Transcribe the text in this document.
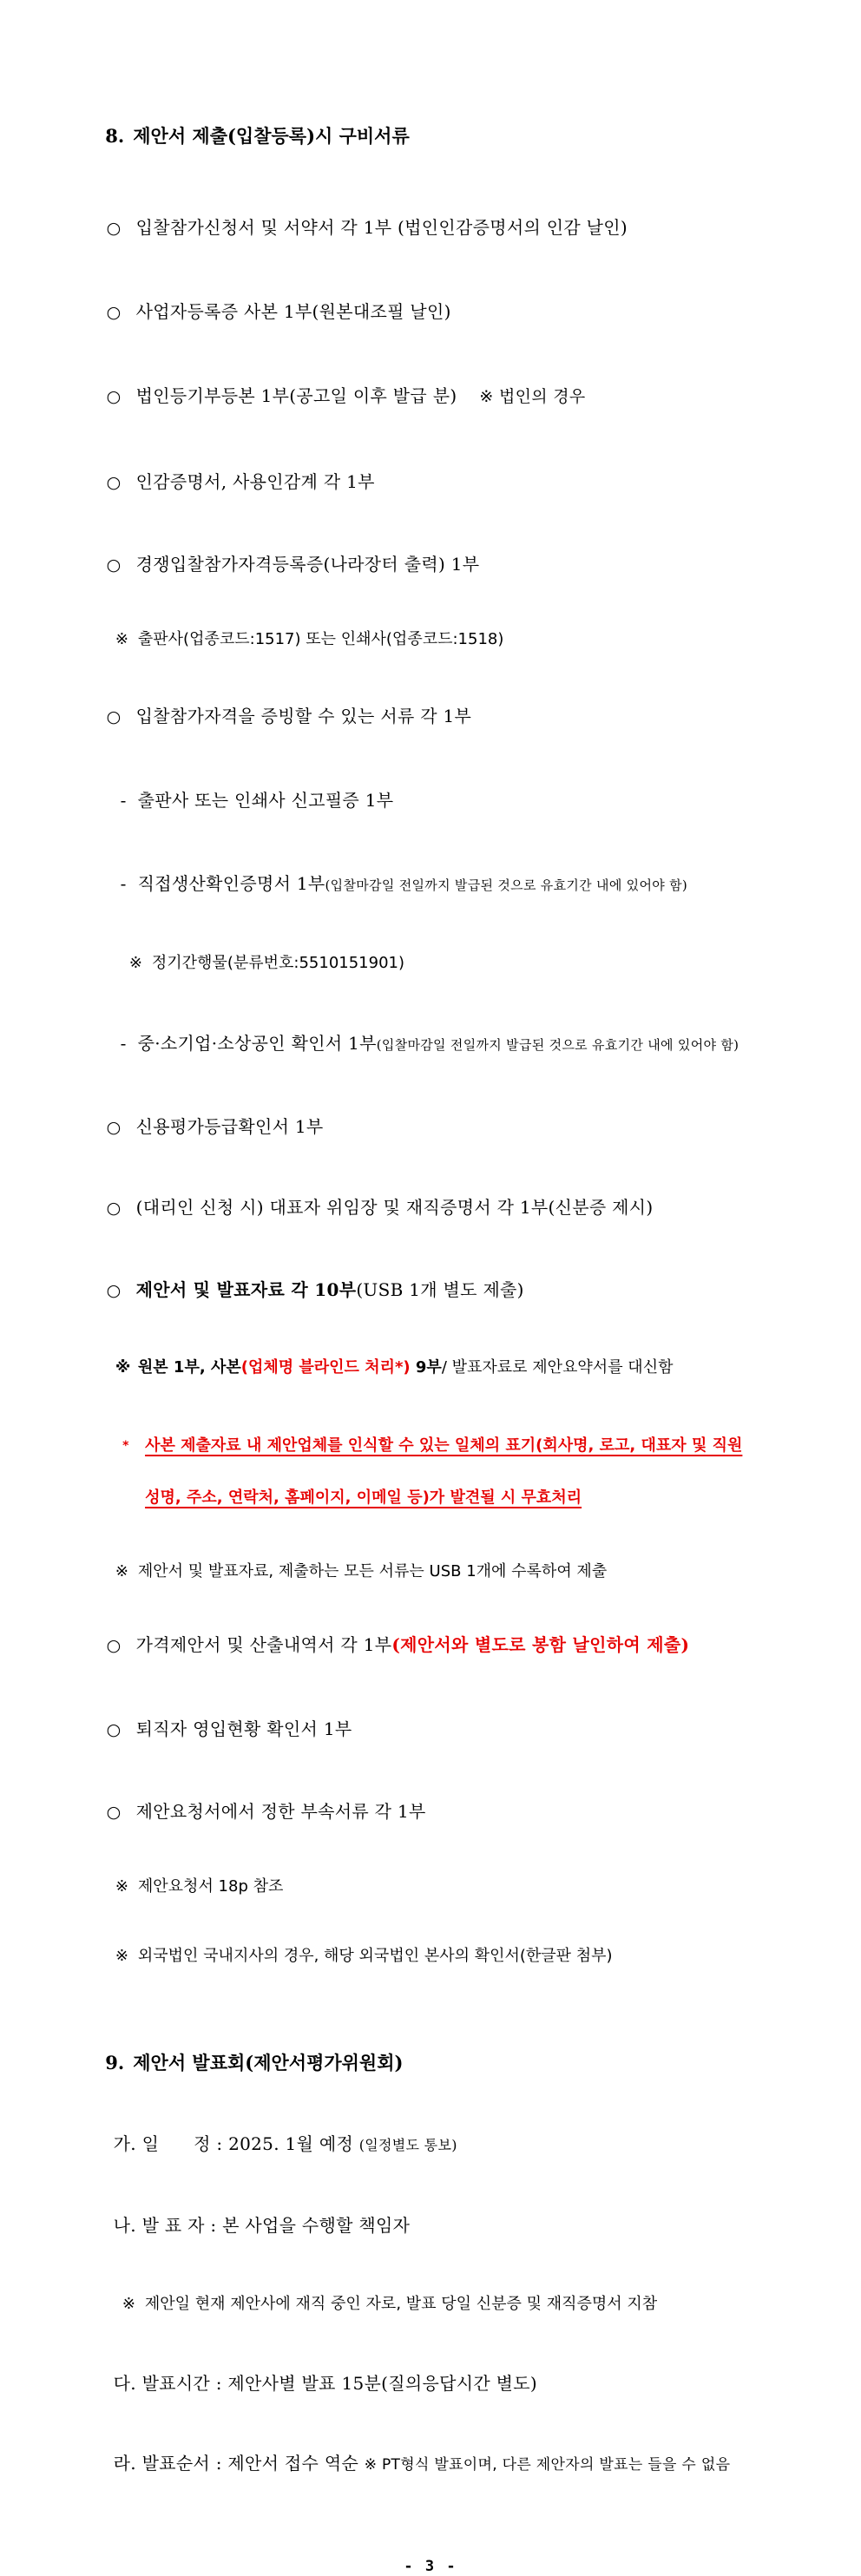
8. 제안서 제출(입찰등록)시 구비서류

○ 입찰참가신청서 및 서약서 각 1부 (법인인감증명서의 인감 날인)

○ 사업자등록증 사본 1부(원본대조필 날인)

○ 법인등기부등본 1부(공고일 이후 발급 분) ※ 법인의 경우

○ 인감증명서, 사용인감계 각 1부

○ 경쟁입찰참가자격등록증(나라장터 출력) 1부

※ 출판사(업종코드:1517) 또는 인쇄사(업종코드:1518)

○ 입찰참가자격을 증빙할 수 있는 서류 각 1부

- 출판사 또는 인쇄사 신고필증 1부

- 직접생산확인증명서 1부(입찰마감일 전일까지 발급된 것으로 유효기간 내에 있어야 함)

※ 정기간행물(분류번호:5510151901)

- 중·소기업·소상공인 확인서 1부(입찰마감일 전일까지 발급된 것으로 유효기간 내에 있어야 함)

○ 신용평가등급확인서 1부

○ (대리인 신청 시) 대표자 위임장 및 재직증명서 각 1부(신분증 제시)

○ 제안서 및 발표자료 각 10부(USB 1개 별도 제출)

※ 원본 1부, 사본(업체명 블라인드 처리*) 9부/ 발표자료로 제안요약서를 대신함

* 사본 제출자료 내 제안업체를 인식할 수 있는 일체의 표기(회사명, 로고, 대표자 및 직원

성명, 주소, 연락처, 홈페이지, 이메일 등)가 발견될 시 무효처리

※ 제안서 및 발표자료, 제출하는 모든 서류는 USB 1개에 수록하여 제출

○ 가격제안서 및 산출내역서 각 1부(제안서와 별도로 봉함 날인하여 제출)

○ 퇴직자 영입현황 확인서 1부

○ 제안요청서에서 정한 부속서류 각 1부

※ 제안요청서 18p 참조

※ 외국법인 국내지사의 경우, 해당 외국법인 본사의 확인서(한글판 첨부)

9. 제안서 발표회(제안서평가위원회)

가. 일      정 : 2025. 1월 예정 (일정별도 통보)

나. 발 표 자 : 본 사업을 수행할 책임자

※ 제안일 현재 제안사에 재직 중인 자로, 발표 당일 신분증 및 재직증명서 지참

다. 발표시간 : 제안사별 발표 15분(질의응답시간 별도)

라. 발표순서 : 제안서 접수 역순 ※ PT형식 발표이며, 다른 제안자의 발표는 들을 수 없음

- 3 -
